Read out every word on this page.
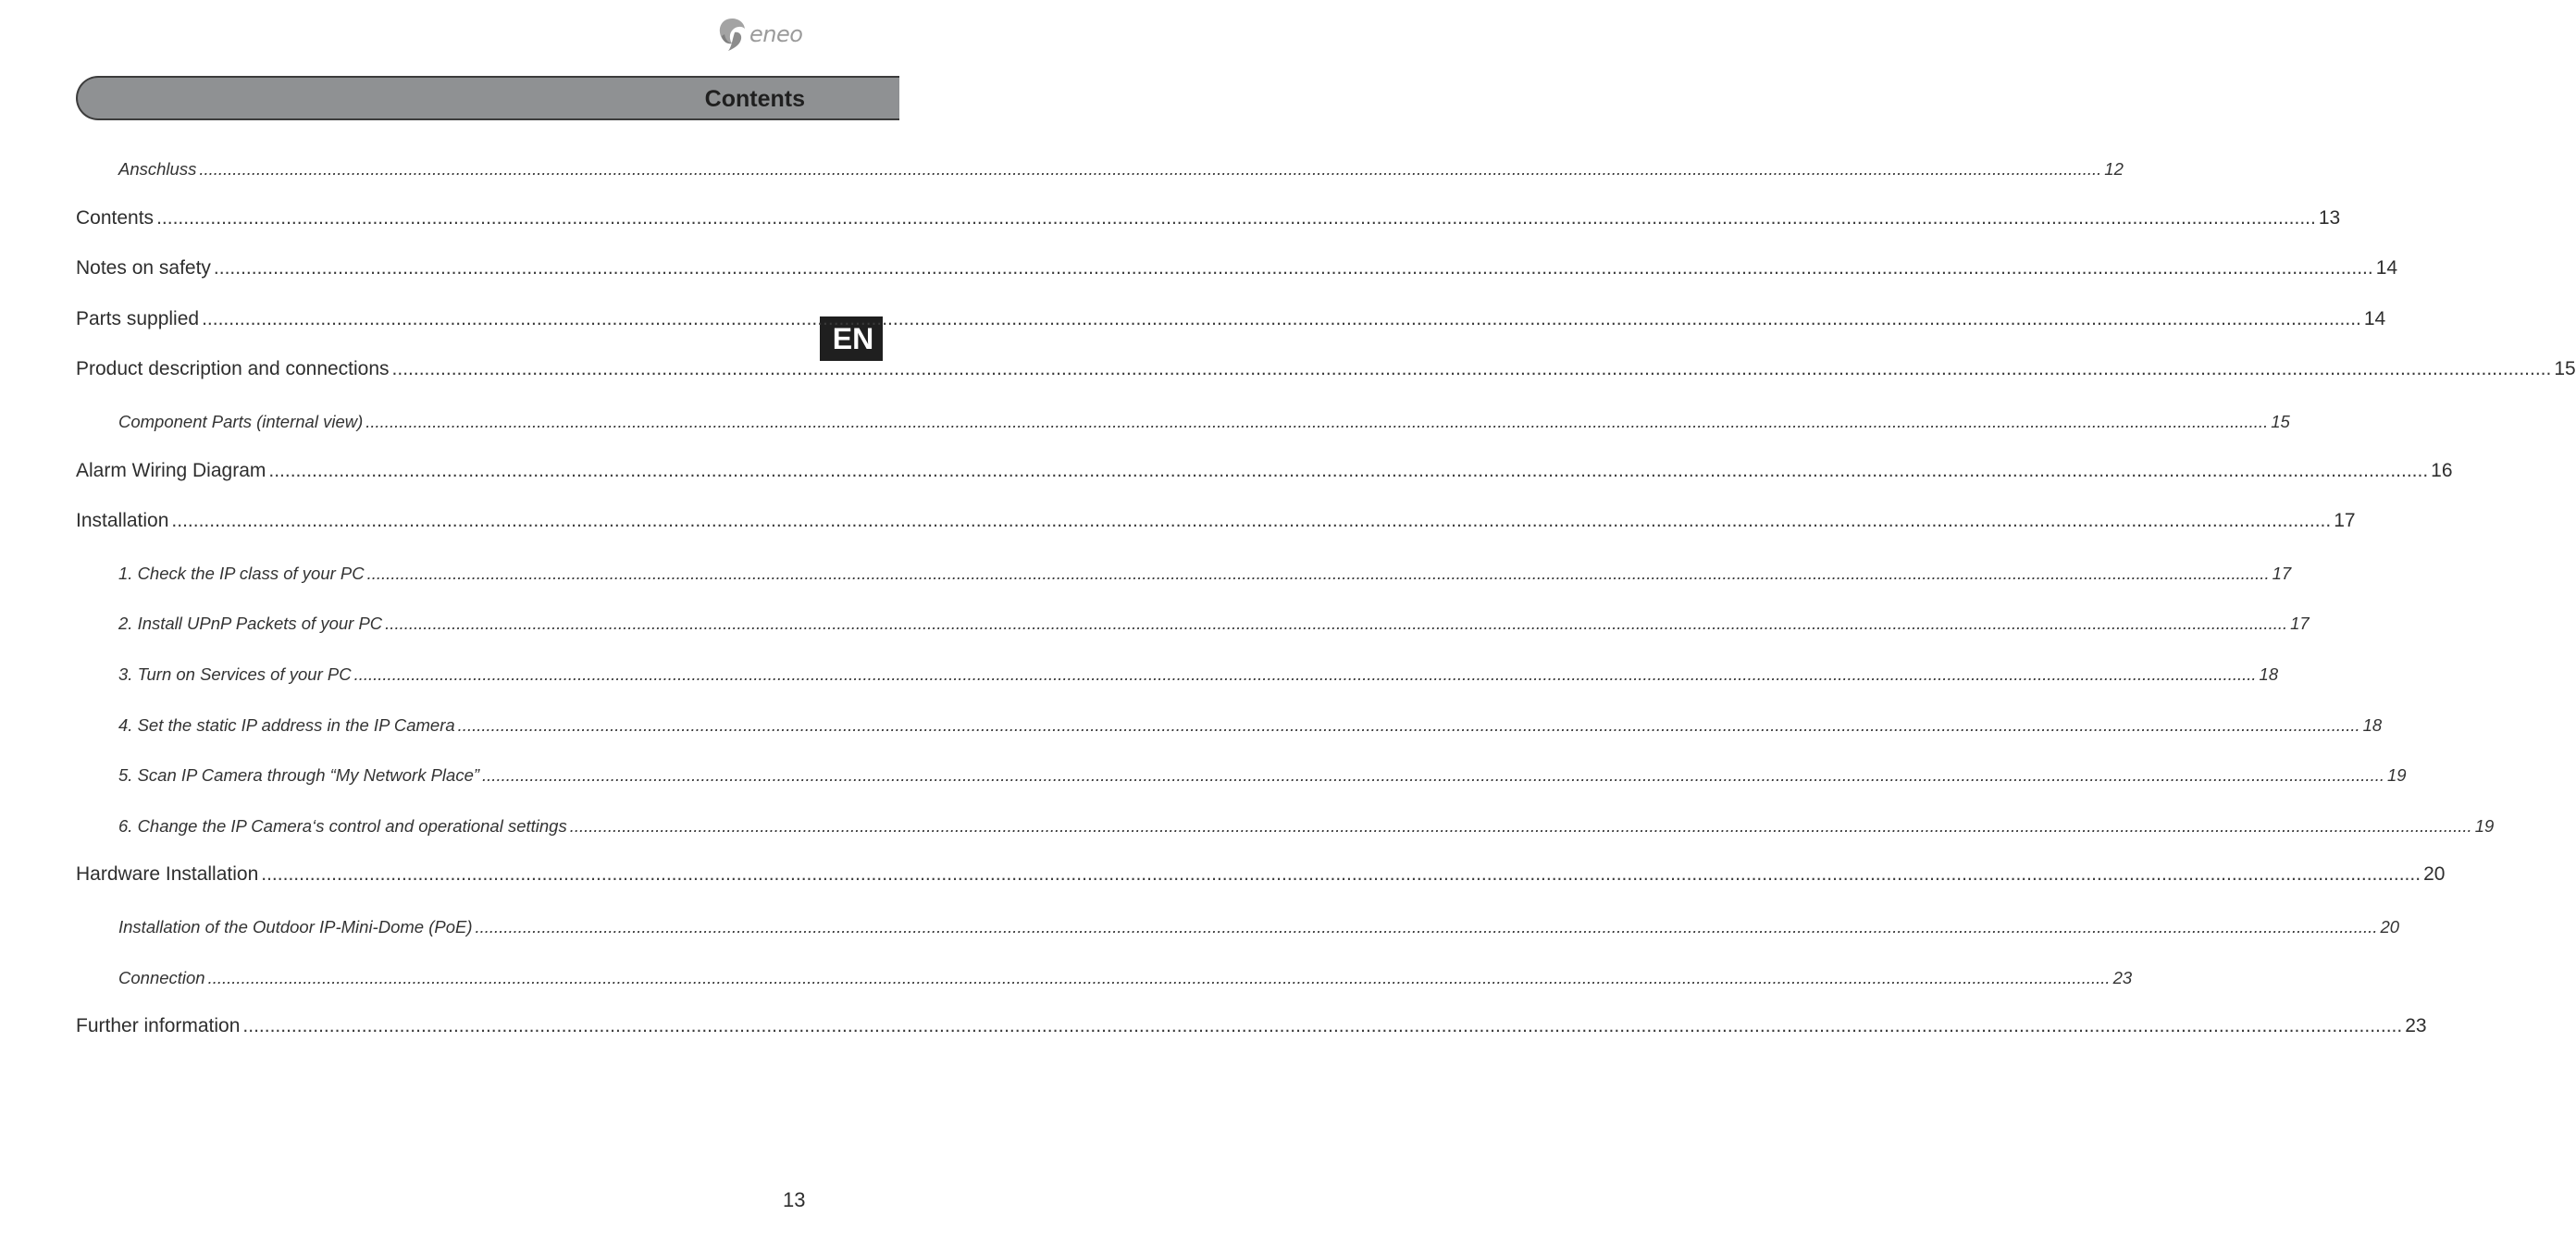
eneo
Contents
EN
Anschluss ................................................................................................................................................................................................................................................................................................................................................................................................................ 12
Contents ................................................................................................................................................................................................................................................................................................................................................................................................................ 13
Notes on safety ................................................................................................................................................................................................................................................................................................................................................................................................................ 14
Parts supplied ................................................................................................................................................................................................................................................................................................................................................................................................................ 14
Product description and connections ................................................................................................................................................................................................................................................................................................................................................................................................................ 15
Component Parts (internal view) ................................................................................................................................................................................................................................................................................................................................................................................................................ 15
Alarm Wiring Diagram ................................................................................................................................................................................................................................................................................................................................................................................................................ 16
Installation ................................................................................................................................................................................................................................................................................................................................................................................................................ 17
1. Check the IP class of your PC ................................................................................................................................................................................................................................................................................................................................................................................................................ 17
2. Install UPnP Packets of your PC ................................................................................................................................................................................................................................................................................................................................................................................................................ 17
3. Turn on Services of your PC ................................................................................................................................................................................................................................................................................................................................................................................................................ 18
4. Set the static IP address in the IP Camera ................................................................................................................................................................................................................................................................................................................................................................................................................ 18
5. Scan IP Camera through “My Network Place” ................................................................................................................................................................................................................................................................................................................................................................................................................ 19
6. Change the IP Camera‘s control and operational settings ................................................................................................................................................................................................................................................................................................................................................................................................................ 19
Hardware Installation ................................................................................................................................................................................................................................................................................................................................................................................................................ 20
Installation of the Outdoor IP-Mini-Dome (PoE) ................................................................................................................................................................................................................................................................................................................................................................................................................ 20
Connection ................................................................................................................................................................................................................................................................................................................................................................................................................ 23
Further information ................................................................................................................................................................................................................................................................................................................................................................................................................ 23
13
